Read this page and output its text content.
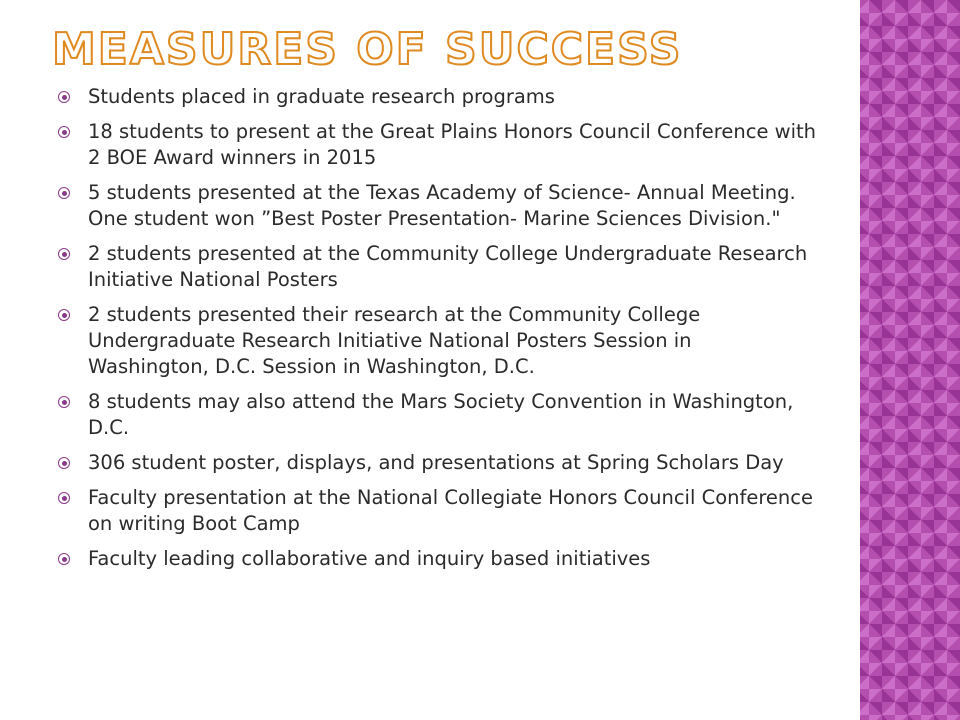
MEASURES OF SUCCESS
Students placed in graduate research programs
18 students to present at the Great Plains Honors Council Conference with 2 BOE Award winners in 2015
5 students presented at the Texas Academy of Science- Annual Meeting. One student won ”Best Poster Presentation- Marine Sciences Division."
2 students presented at the Community College Undergraduate Research Initiative National Posters
2 students presented their research at the Community College Undergraduate Research Initiative National Posters Session in Washington, D.C. Session in Washington, D.C.
8 students may also attend the Mars Society Convention in Washington, D.C.
306 student poster, displays, and presentations at Spring Scholars Day
Faculty presentation at the National Collegiate Honors Council Conference on writing Boot Camp
Faculty leading collaborative and inquiry based initiatives
